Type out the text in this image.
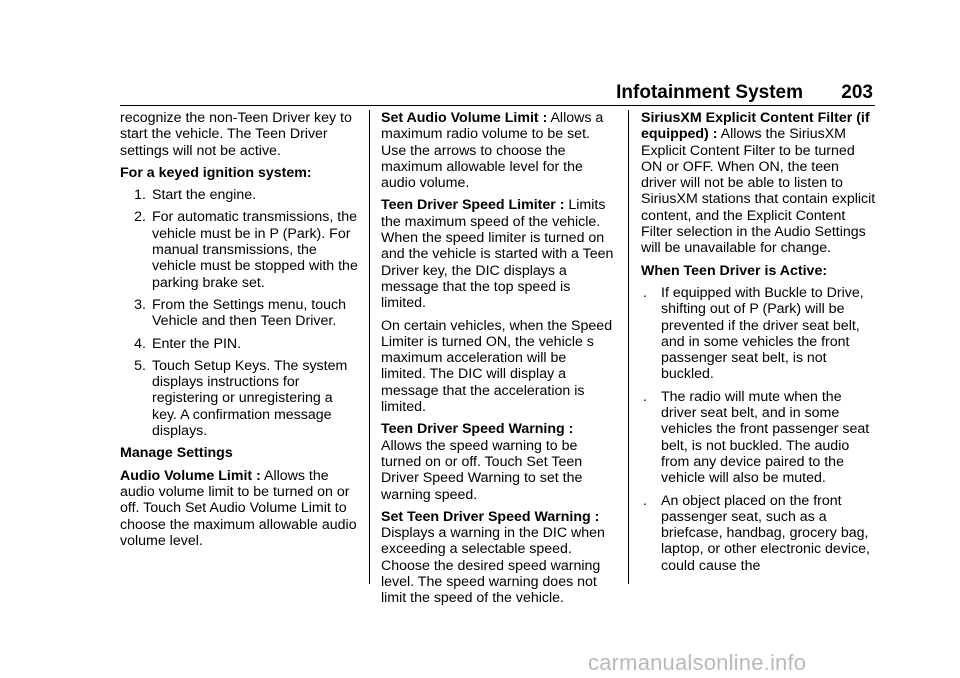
Infotainment System 203

recognize the non-Teen Driver key to start the vehicle. The Teen Driver settings will not be active.

For a keyed ignition system:

1. Start the engine.
2. For automatic transmissions, the vehicle must be in P (Park). For manual transmissions, the vehicle must be stopped with the parking brake set.
3. From the Settings menu, touch Vehicle and then Teen Driver.
4. Enter the PIN.
5. Touch Setup Keys. The system displays instructions for registering or unregistering a key. A confirmation message displays.

Manage Settings

Audio Volume Limit : Allows the audio volume limit to be turned on or off. Touch Set Audio Volume Limit to choose the maximum allowable audio volume level.

Set Audio Volume Limit : Allows a maximum radio volume to be set. Use the arrows to choose the maximum allowable level for the audio volume.

Teen Driver Speed Limiter : Limits the maximum speed of the vehicle. When the speed limiter is turned on and the vehicle is started with a Teen Driver key, the DIC displays a message that the top speed is limited.

On certain vehicles, when the Speed Limiter is turned ON, the vehicle s maximum acceleration will be limited. The DIC will display a message that the acceleration is limited.

Teen Driver Speed Warning : Allows the speed warning to be turned on or off. Touch Set Teen Driver Speed Warning to set the warning speed.

Set Teen Driver Speed Warning : Displays a warning in the DIC when exceeding a selectable speed. Choose the desired speed warning level. The speed warning does not limit the speed of the vehicle.

SiriusXM Explicit Content Filter (if equipped) : Allows the SiriusXM Explicit Content Filter to be turned ON or OFF. When ON, the teen driver will not be able to listen to SiriusXM stations that contain explicit content, and the Explicit Content Filter selection in the Audio Settings will be unavailable for change.

When Teen Driver is Active:

. If equipped with Buckle to Drive, shifting out of P (Park) will be prevented if the driver seat belt, and in some vehicles the front passenger seat belt, is not buckled.
. The radio will mute when the driver seat belt, and in some vehicles the front passenger seat belt, is not buckled. The audio from any device paired to the vehicle will also be muted.
. An object placed on the front passenger seat, such as a briefcase, handbag, grocery bag, laptop, or other electronic device, could cause the
carmanualsonline.info
